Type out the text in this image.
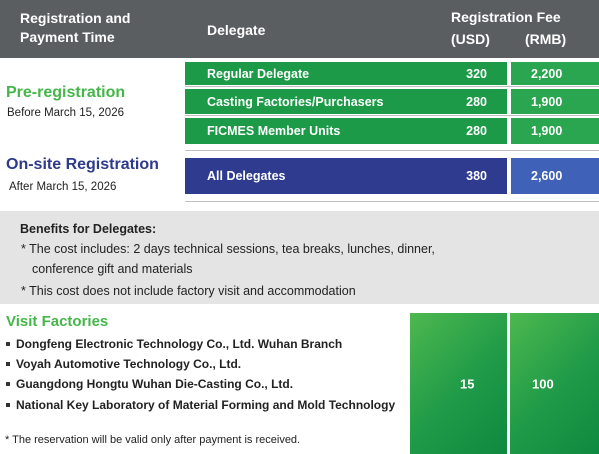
Registration and
Payment Time	Delegate
Registration Fee
(USD)	(RMB)
Pre-registration
Before March 15, 2026
Regular Delegate	320	2,200
Casting Factories/Purchasers	280	1,900
FICMES Member Units	280	1,900
On-site Registration
After March 15, 2026
All Delegates	380	2,600
Benefits for Delegates:
* The cost includes: 2 days technical sessions, tea breaks, lunches, dinner,
conference gift and materials
* This cost does not include factory visit and accommodation
Visit Factories
Dongfeng Electronic Technology Co., Ltd. Wuhan Branch
Voyah Automotive Technology Co., Ltd.
Guangdong Hongtu Wuhan Die-Casting Co., Ltd.
National Key Laboratory of Material Forming and Mold Technology
* The reservation will be valid only after payment is received.
15	100
